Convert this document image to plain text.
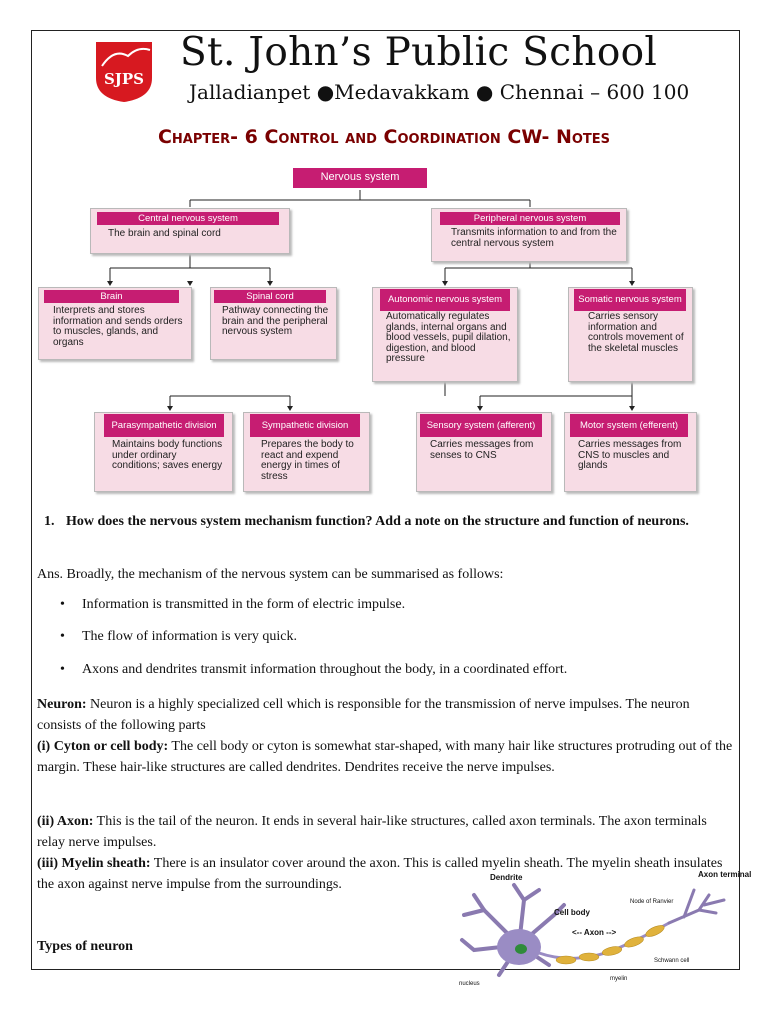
SJPS
St. John’s Public School
Jalladianpet ●Medavakkam ● Chennai – 600 100
Chapter- 6 Control and Coordination CW- Notes
Nervous system
Central nervous system
The brain and spinal cord
Peripheral nervous system
Transmits information to and from the central nervous system
Brain
Interprets and stores information and sends orders to muscles, glands, and organs
Spinal cord
Pathway connecting the brain and the peripheral nervous system
Autonomic nervous system
Automatically regulates glands, internal organs and blood vessels, pupil dilation, digestion, and blood pressure
Somatic nervous system
Carries sensory information and controls movement of the skeletal muscles
Parasympathetic division
Maintains body functions under ordinary conditions; saves energy
Sympathetic division
Prepares the body to react and expend energy in times of stress
Sensory system (afferent)
Carries messages from senses to CNS
Motor system (efferent)
Carries messages from CNS to muscles and glands
1. How does the nervous system mechanism function? Add a note on the structure and function of neurons.
Ans. Broadly, the mechanism of the nervous system can be summarised as follows:
• Information is transmitted in the form of electric impulse.
• The flow of information is very quick.
• Axons and dendrites transmit information throughout the body, in a coordinated effort.
Neuron: Neuron is a highly specialized cell which is responsible for the transmission of nerve impulses. The neuron consists of the following parts
(i) Cyton or cell body: The cell body or cyton is somewhat star-shaped, with many hair like structures protruding out of the margin. These hair-like structures are called dendrites. Dendrites receive the nerve impulses.
(ii) Axon: This is the tail of the neuron. It ends in several hair-like structures, called axon terminals. The axon terminals relay nerve impulses.
(iii) Myelin sheath: There is an insulator cover around the axon. This is called myelin sheath. The myelin sheath insulates the axon against nerve impulse from the surroundings.
Types of neuron
Dendrite
Cell body
<-- Axon -->
Node of Ranvier
Axon terminal
Schwann cell
myelin
nucleus
